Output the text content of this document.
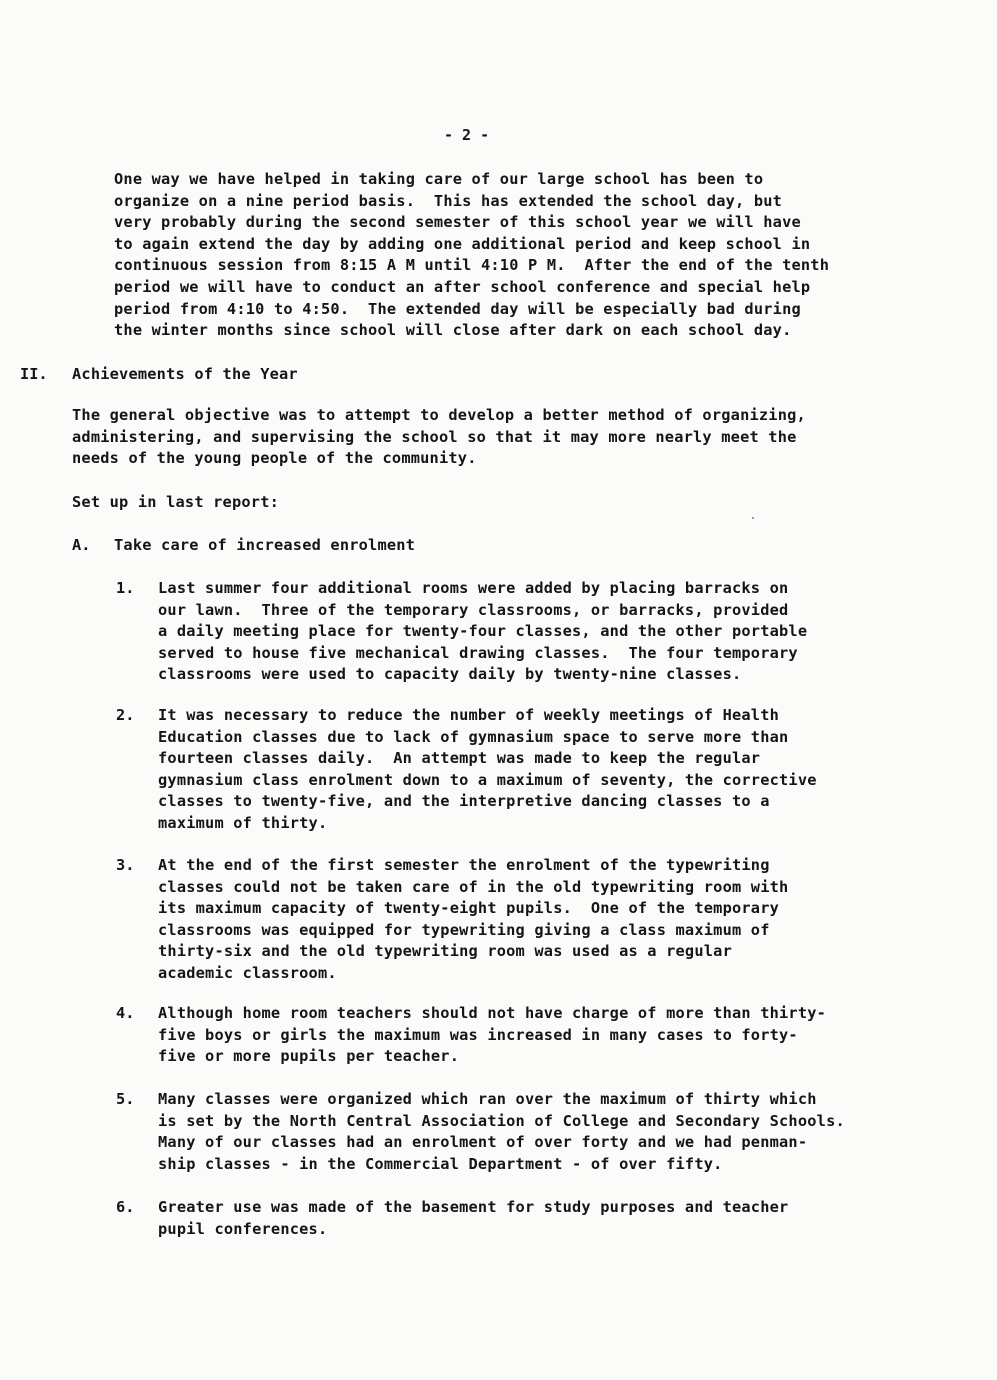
- 2 -
One way we have helped in taking care of our large school has been to
organize on a nine period basis.  This has extended the school day, but
very probably during the second semester of this school year we will have
to again extend the day by adding one additional period and keep school in
continuous session from 8:15 A M until 4:10 P M.  After the end of the tenth
period we will have to conduct an after school conference and special help
period from 4:10 to 4:50.  The extended day will be especially bad during
the winter months since school will close after dark on each school day.
II. Achievements of the Year
The general objective was to attempt to develop a better method of organizing,
administering, and supervising the school so that it may more nearly meet the
needs of the young people of the community.
Set up in last report:
A. Take care of increased enrolment
1. Last summer four additional rooms were added by placing barracks on
our lawn.  Three of the temporary classrooms, or barracks, provided
a daily meeting place for twenty-four classes, and the other portable
served to house five mechanical drawing classes.  The four temporary
classrooms were used to capacity daily by twenty-nine classes.
2. It was necessary to reduce the number of weekly meetings of Health
Education classes due to lack of gymnasium space to serve more than
fourteen classes daily.  An attempt was made to keep the regular
gymnasium class enrolment down to a maximum of seventy, the corrective
classes to twenty-five, and the interpretive dancing classes to a
maximum of thirty.
3. At the end of the first semester the enrolment of the typewriting
classes could not be taken care of in the old typewriting room with
its maximum capacity of twenty-eight pupils.  One of the temporary
classrooms was equipped for typewriting giving a class maximum of
thirty-six and the old typewriting room was used as a regular
academic classroom.
4. Although home room teachers should not have charge of more than thirty-
five boys or girls the maximum was increased in many cases to forty-
five or more pupils per teacher.
5. Many classes were organized which ran over the maximum of thirty which
is set by the North Central Association of College and Secondary Schools.
Many of our classes had an enrolment of over forty and we had penman-
ship classes - in the Commercial Department - of over fifty.
6. Greater use was made of the basement for study purposes and teacher
pupil conferences.
